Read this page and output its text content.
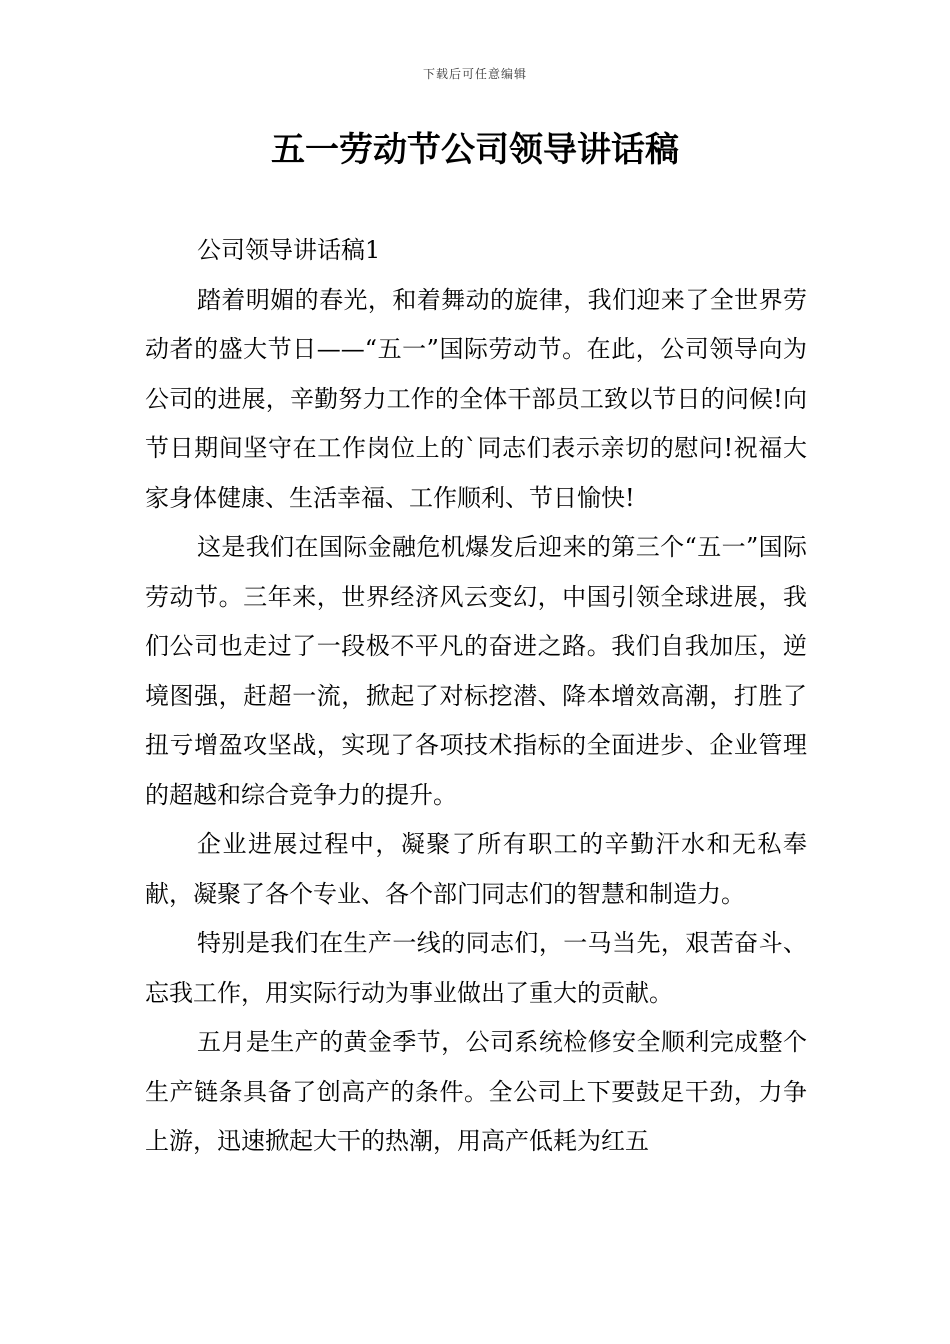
下载后可任意编辑
五一劳动节公司领导讲话稿

公司领导讲话稿1

踏着明媚的春光，和着舞动的旋律，我们迎来了全世界劳动者的盛大节日——“五一”国际劳动节。在此，公司领导向为公司的进展，辛勤努力工作的全体干部员工致以节日的问候!向节日期间坚守在工作岗位上的`同志们表示亲切的慰问!祝福大家身体健康、生活幸福、工作顺利、节日愉快!

这是我们在国际金融危机爆发后迎来的第三个“五一”国际劳动节。三年来，世界经济风云变幻，中国引领全球进展，我们公司也走过了一段极不平凡的奋进之路。我们自我加压，逆境图强，赶超一流，掀起了对标挖潜、降本增效高潮，打胜了扭亏增盈攻坚战，实现了各项技术指标的全面进步、企业管理的超越和综合竞争力的提升。

企业进展过程中，凝聚了所有职工的辛勤汗水和无私奉献，凝聚了各个专业、各个部门同志们的智慧和制造力。

特别是我们在生产一线的同志们，一马当先，艰苦奋斗、忘我工作，用实际行动为事业做出了重大的贡献。

五月是生产的黄金季节，公司系统检修安全顺利完成整个生产链条具备了创高产的条件。全公司上下要鼓足干劲，力争上游，迅速掀起大干的热潮，用高产低耗为红五
